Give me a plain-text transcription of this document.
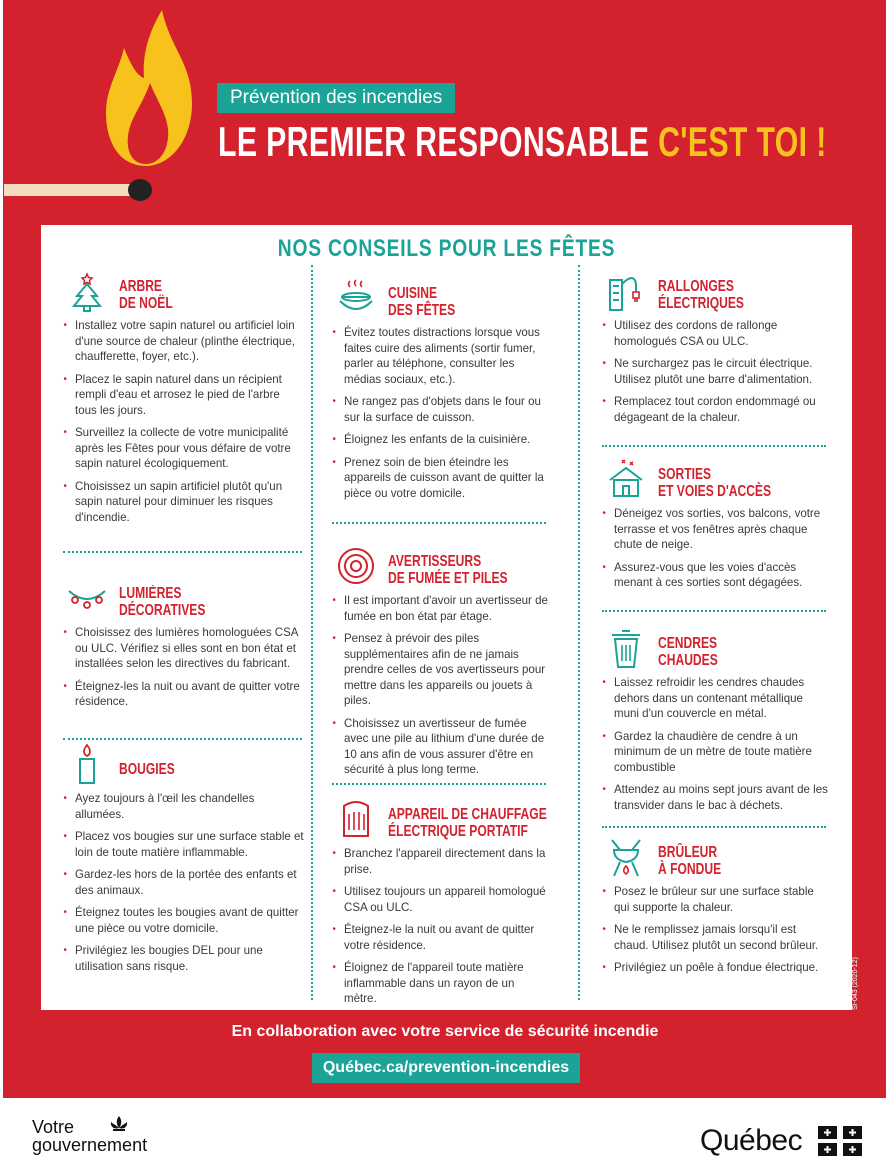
Prévention des incendies
LE PREMIER RESPONSABLE C'EST TOI !
NOS CONSEILS POUR LES FÊTES
ARBRE
DE NOËL
• Installez votre sapin naturel ou artificiel loin d'une source de chaleur (plinthe électrique, chaufferette, foyer, etc.).
• Placez le sapin naturel dans un récipient rempli d'eau et arrosez le pied de l'arbre tous les jours.
• Surveillez la collecte de votre municipalité après les Fêtes pour vous défaire de votre sapin naturel écologiquement.
• Choisissez un sapin artificiel plutôt qu'un sapin naturel pour diminuer les risques d'incendie.
LUMIÈRES
DÉCORATIVES
• Choisissez des lumières homologuées CSA ou ULC. Vérifiez si elles sont en bon état et installées selon les directives du fabricant.
• Éteignez-les la nuit ou avant de quitter votre résidence.
BOUGIES
• Ayez toujours à l'œil les chandelles allumées.
• Placez vos bougies sur une surface stable et loin de toute matière inflammable.
• Gardez-les hors de la portée des enfants et des animaux.
• Éteignez toutes les bougies avant de quitter une pièce ou votre domicile.
• Privilégiez les bougies DEL pour une utilisation sans risque.
CUISINE
DES FÊTES
• Évitez toutes distractions lorsque vous faites cuire des aliments (sortir fumer, parler au téléphone, consulter les médias sociaux, etc.).
• Ne rangez pas d'objets dans le four ou sur la surface de cuisson.
• Éloignez les enfants de la cuisinière.
• Prenez soin de bien éteindre les appareils de cuisson avant de quitter la pièce ou votre domicile.
AVERTISSEURS
DE FUMÉE ET PILES
• Il est important d'avoir un avertisseur de fumée en bon état par étage.
• Pensez à prévoir des piles supplémentaires afin de ne jamais prendre celles de vos avertisseurs pour mettre dans les appareils ou jouets à piles.
• Choisissez un avertisseur de fumée avec une pile au lithium d'une durée de 10 ans afin de vous assurer d'être en sécurité à plus long terme.
APPAREIL DE CHAUFFAGE
ÉLECTRIQUE PORTATIF
• Branchez l'appareil directement dans la prise.
• Utilisez toujours un appareil homologué CSA ou ULC.
• Éteignez-le la nuit ou avant de quitter votre résidence.
• Éloignez de l'appareil toute matière inflammable dans un rayon de un mètre.
RALLONGES
ÉLECTRIQUES
• Utilisez des cordons de rallonge homologués CSA ou ULC.
• Ne surchargez pas le circuit électrique. Utilisez plutôt une barre d'alimentation.
• Remplacez tout cordon endommagé ou dégageant de la chaleur.
SORTIES
ET VOIES D'ACCÈS
• Déneigez vos sorties, vos balcons, votre terrasse et vos fenêtres après chaque chute de neige.
• Assurez-vous que les voies d'accès menant à ces sorties sont dégagées.
CENDRES
CHAUDES
• Laissez refroidir les cendres chaudes dehors dans un contenant métallique muni d'un couvercle en métal.
• Gardez la chaudière de cendre à un minimum de un mètre de toute matière combustible
• Attendez au moins sept jours avant de les transvider dans le bac à déchets.
BRÛLEUR
À FONDUE
• Posez le brûleur sur une surface stable qui supporte la chaleur.
• Ne le remplissez jamais lorsqu'il est chaud. Utilisez plutôt un second brûleur.
• Privilégiez un poêle à fondue électrique.	SI-043 (2020-12)
En collaboration avec votre service de sécurité incendie
Québec.ca/prevention-incendies
Votre
gouvernement	Québec
